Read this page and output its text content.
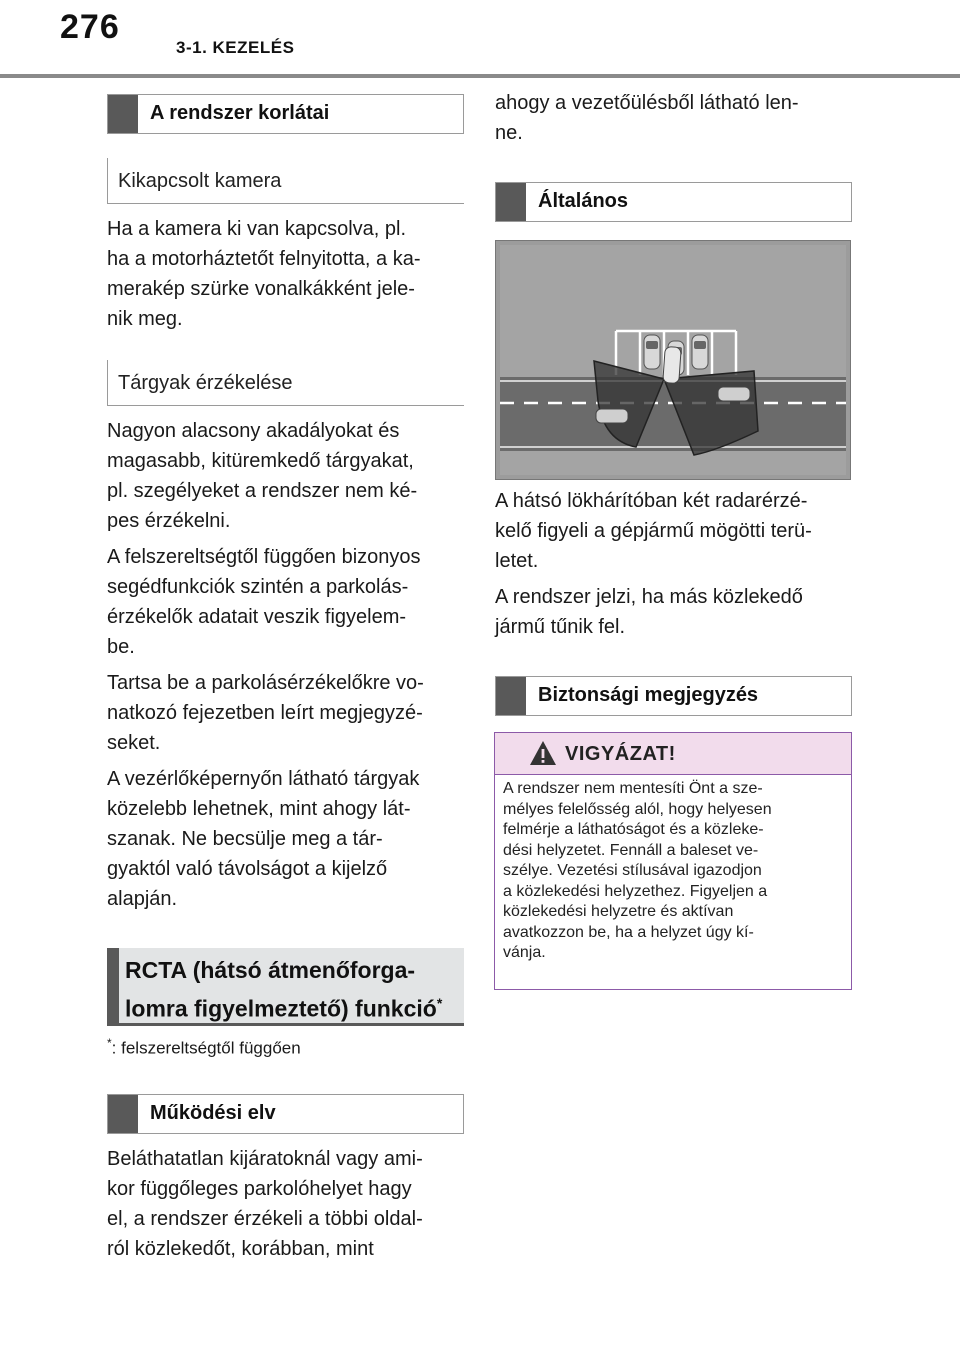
276
3-1. KEZELÉS
A rendszer korlátai
Kikapcsolt kamera
Ha a kamera ki van kapcsolva, pl.
ha a motorháztetőt felnyitotta, a ka-
merakép szürke vonalkákként jele-
nik meg.
Tárgyak érzékelése
Nagyon alacsony akadályokat és
magasabb, kitüremkedő tárgyakat,
pl. szegélyeket a rendszer nem ké-
pes érzékelni.
A felszereltségtől függően bizonyos
segédfunkciók szintén a parkolás-
érzékelők adatait veszik figyelem-
be.
Tartsa be a parkolásérzékelőkre vo-
natkozó fejezetben leírt megjegyzé-
seket.
A vezérlőképernyőn látható tárgyak
közelebb lehetnek, mint ahogy lát-
szanak. Ne becsülje meg a tár-
gyaktól való távolságot a kijelző
alapján.
RCTA (hátsó átmenőforga-
lomra figyelmeztető) funkció*
*: felszereltségtől függően
Működési elv
Beláthatatlan kijáratoknál vagy ami-
kor függőleges parkolóhelyet hagy
el, a rendszer érzékeli a többi oldal-
ról közlekedőt, korábban, mint
ahogy a vezetőülésből látható len-
ne.
Általános
A hátsó lökhárítóban két radarérzé-
kelő figyeli a gépjármű mögötti terü-
letet.
A rendszer jelzi, ha más közlekedő
jármű tűnik fel.
Biztonsági megjegyzés
VIGYÁZAT!
A rendszer nem mentesíti Önt a sze-
mélyes felelősség alól, hogy helyesen
felmérje a láthatóságot és a közleke-
dési helyzetet. Fennáll a baleset ve-
szélye. Vezetési stílusával igazodjon
a közlekedési helyzethez. Figyeljen a
közlekedési helyzetre és aktívan
avatkozzon be, ha a helyzet úgy kí-
vánja.
